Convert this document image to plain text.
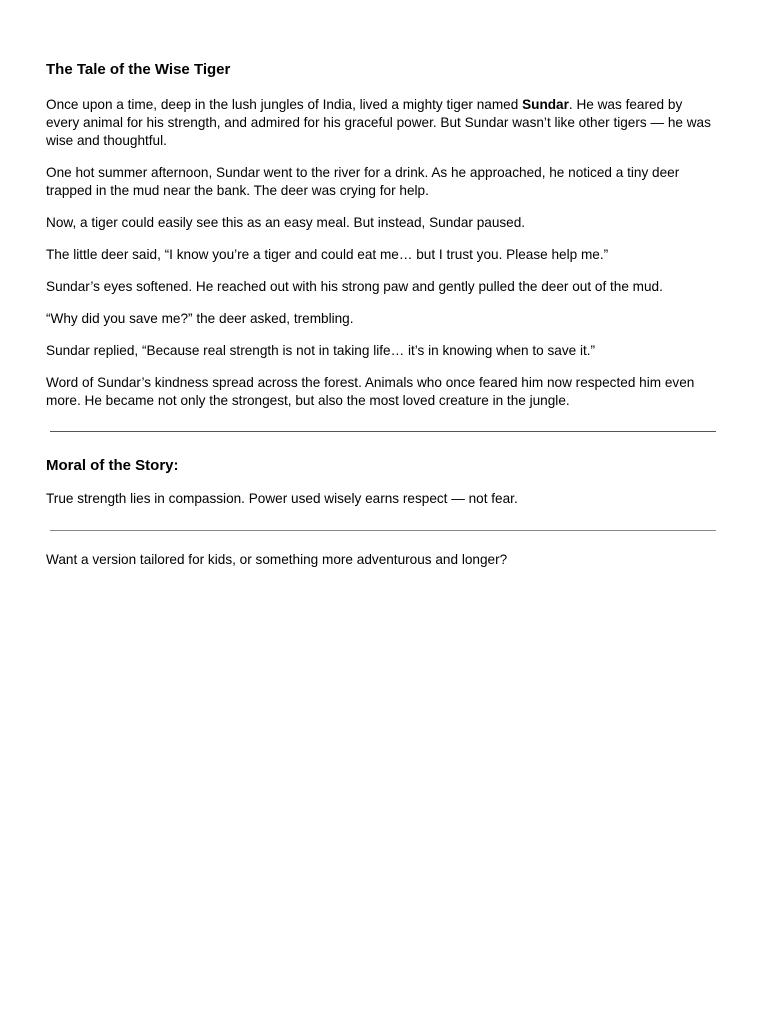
The Tale of the Wise Tiger

Once upon a time, deep in the lush jungles of India, lived a mighty tiger named Sundar. He was feared by every animal for his strength, and admired for his graceful power. But Sundar wasn’t like other tigers — he was wise and thoughtful.

One hot summer afternoon, Sundar went to the river for a drink. As he approached, he noticed a tiny deer trapped in the mud near the bank. The deer was crying for help.

Now, a tiger could easily see this as an easy meal. But instead, Sundar paused.

The little deer said, “I know you’re a tiger and could eat me… but I trust you. Please help me.”

Sundar’s eyes softened. He reached out with his strong paw and gently pulled the deer out of the mud.

“Why did you save me?” the deer asked, trembling.

Sundar replied, “Because real strength is not in taking life… it’s in knowing when to save it.”

Word of Sundar’s kindness spread across the forest. Animals who once feared him now respected him even more. He became not only the strongest, but also the most loved creature in the jungle.

Moral of the Story:

True strength lies in compassion. Power used wisely earns respect — not fear.

Want a version tailored for kids, or something more adventurous and longer?
